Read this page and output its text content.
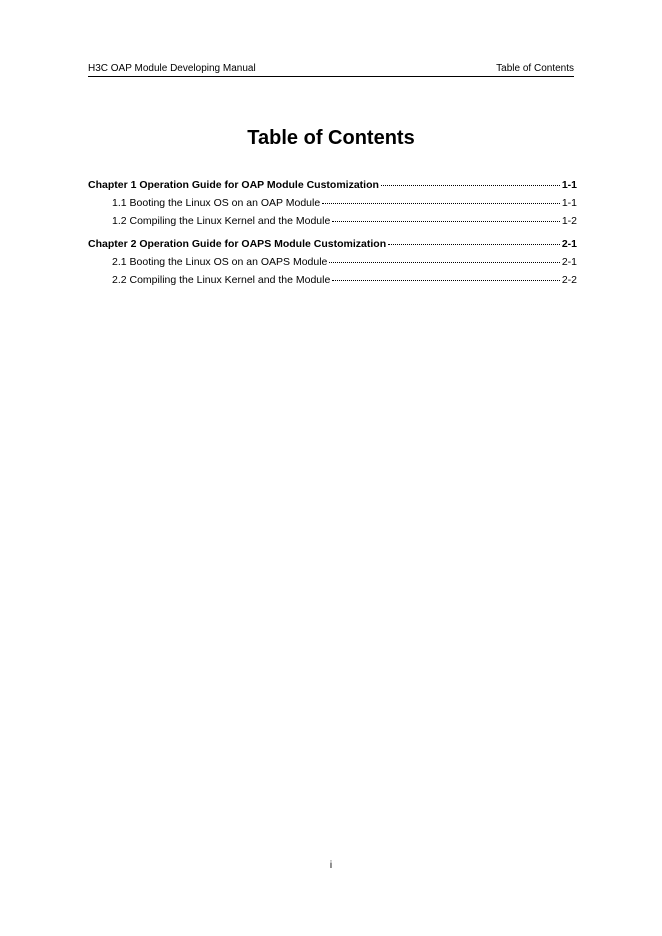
H3C OAP Module Developing Manual	Table of Contents
Table of Contents
Chapter 1 Operation Guide for OAP Module Customization	1-1
1.1 Booting the Linux OS on an OAP Module	1-1
1.2 Compiling the Linux Kernel and the Module	1-2
Chapter 2 Operation Guide for OAPS Module Customization	2-1
2.1 Booting the Linux OS on an OAPS Module	2-1
2.2 Compiling the Linux Kernel and the Module	2-2
i
